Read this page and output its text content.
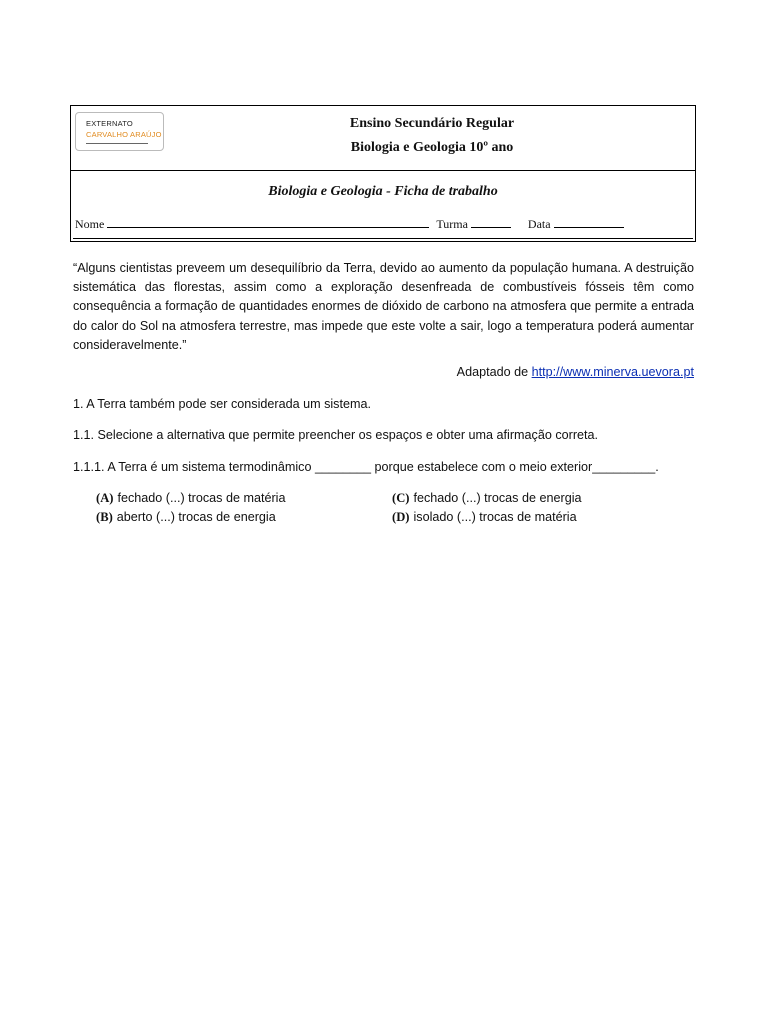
EXTERNATO
CARVALHO ARAÚJO
Ensino Secundário Regular
Biologia e Geologia 10º ano
Biologia e Geologia - Ficha de trabalho
Nome	Turma	Data
“Alguns cientistas preveem um desequilíbrio da Terra, devido ao aumento da população humana. A destruição sistemática das florestas, assim como a exploração desenfreada de combustíveis fósseis têm como consequência a formação de quantidades enormes de dióxido de carbono na atmosfera que permite a entrada do calor do Sol na atmosfera terrestre, mas impede que este volte a sair, logo a temperatura poderá aumentar consideravelmente.”
Adaptado de http://www.minerva.uevora.pt
1. A Terra também pode ser considerada um sistema.
1.1. Selecione a alternativa que permite preencher os espaços e obter uma afirmação correta.
1.1.1. A Terra é um sistema termodinâmico ________ porque estabelece com o meio exterior_________.
(A) fechado (...) trocas de matéria
(B) aberto (...) trocas de energia
(C) fechado (...) trocas de energia
(D) isolado (...) trocas de matéria
